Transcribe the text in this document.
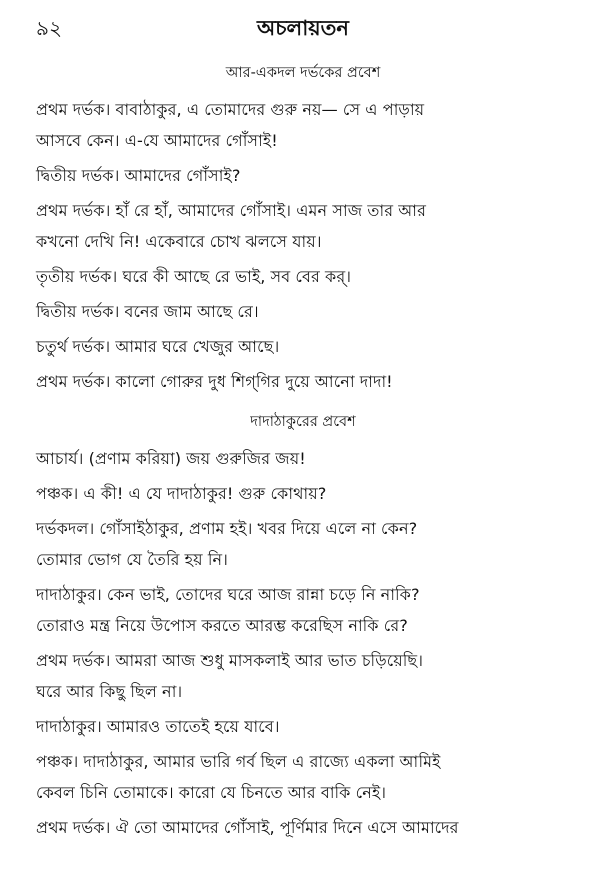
৯২	অচলায়তন
আর-একদল দর্ভকের প্রবেশ

প্রথম দর্ভক। বাবাঠাকুর, এ তোমাদের গুরু নয়— সে এ পাড়ায়

আসবে কেন। এ-যে আমাদের গোঁসাই!

দ্বিতীয় দর্ভক। আমাদের গোঁসাই?

প্রথম দর্ভক। হাঁ রে হাঁ, আমাদের গোঁসাই। এমন সাজ তার আর

কখনো দেখি নি! একেবারে চোখ ঝলসে যায়।

তৃতীয় দর্ভক। ঘরে কী আছে রে ভাই, সব বের কর্‌।

দ্বিতীয় দর্ভক। বনের জাম আছে রে।

চতুর্থ দর্ভক। আমার ঘরে খেজুর আছে।

প্রথম দর্ভক। কালো গোরুর দুধ শিগ্‌গির দুয়ে আনো দাদা!

দাদাঠাকুরের প্রবেশ

আচার্য। (প্রণাম করিয়া) জয় গুরুজির জয়!

পঞ্চক। এ কী! এ যে দাদাঠাকুর! গুরু কোথায়?

দর্ভকদল। গোঁসাইঠাকুর, প্রণাম হই। খবর দিয়ে এলে না কেন?

তোমার ভোগ যে তৈরি হয় নি।

দাদাঠাকুর। কেন ভাই, তোদের ঘরে আজ রান্না চড়ে নি নাকি?

তোরাও মন্ত্র নিয়ে উপোস করতে আরম্ভ করেছিস নাকি রে?

প্রথম দর্ভক। আমরা আজ শুধু মাসকলাই আর ভাত চড়িয়েছি।

ঘরে আর কিছু ছিল না।

দাদাঠাকুর। আমারও তাতেই হয়ে যাবে।

পঞ্চক। দাদাঠাকুর, আমার ভারি গর্ব ছিল এ রাজ্যে একলা আমিই

কেবল চিনি তোমাকে। কারো যে চিনতে আর বাকি নেই।

প্রথম দর্ভক। ঐ তো আমাদের গোঁসাই, পূর্ণিমার দিনে এসে আমাদের
